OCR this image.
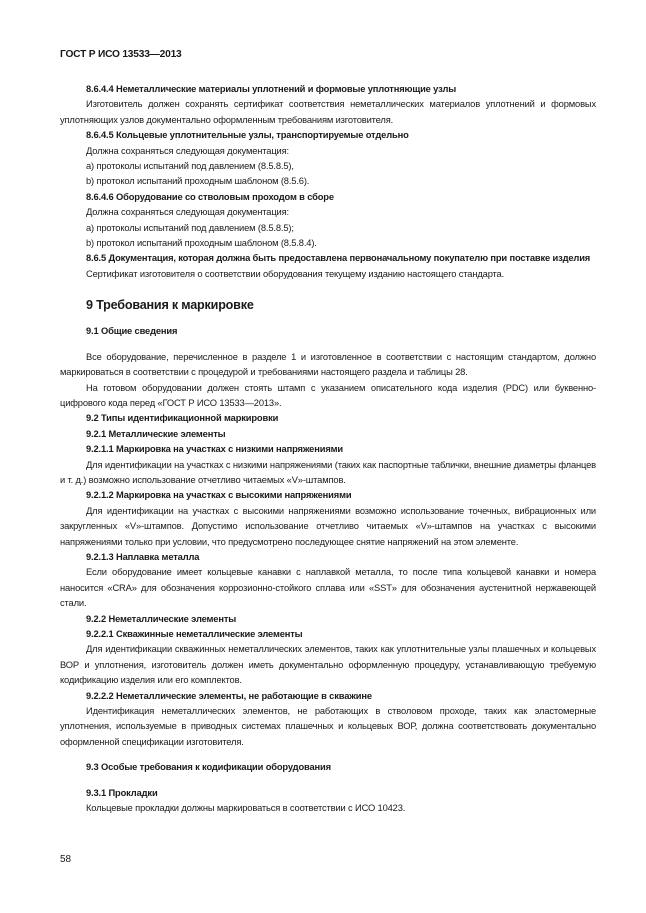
ГОСТ Р ИСО 13533—2013

8.6.4.4 Неметаллические материалы уплотнений и формовые уплотняющие узлы

Изготовитель должен сохранять сертификат соответствия неметаллических материалов уплотнений и формовых уплотняющих узлов документально оформленным требованиям изготовителя.

8.6.4.5 Кольцевые уплотнительные узлы, транспортируемые отдельно

Должна сохраняться следующая документация:

a) протоколы испытаний под давлением (8.5.8.5),

b) протокол испытаний проходным шаблоном (8.5.6).

8.6.4.6 Оборудование со стволовым проходом в сборе

Должна сохраняться следующая документация:

a) протоколы испытаний под давлением (8.5.8.5);

b) протокол испытаний проходным шаблоном (8.5.8.4).

8.6.5 Документация, которая должна быть предоставлена первоначальному покупателю при поставке изделия

Сертификат изготовителя о соответствии оборудования текущему изданию настоящего стандарта.

9 Требования к маркировке

9.1 Общие сведения

Все оборудование, перечисленное в разделе 1 и изготовленное в соответствии с настоящим стандартом, должно маркироваться в соответствии с процедурой и требованиями настоящего раздела и таблицы 28.

На готовом оборудовании должен стоять штамп с указанием описательного кода изделия (PDC) или буквенно-цифрового кода перед «ГОСТ Р ИСО 13533—2013».

9.2 Типы идентификационной маркировки

9.2.1 Металлические элементы

9.2.1.1 Маркировка на участках с низкими напряжениями

Для идентификации на участках с низкими напряжениями (таких как паспортные таблички, внешние диаметры фланцев и т. д.) возможно использование отчетливо читаемых «V»-штампов.

9.2.1.2 Маркировка на участках с высокими напряжениями

Для идентификации на участках с высокими напряжениями возможно использование точечных, вибрационных или закругленных «V»-штампов. Допустимо использование отчетливо читаемых «V»-штампов на участках с высокими напряжениями только при условии, что предусмотрено последующее снятие напряжений на этом элементе.

9.2.1.3 Наплавка металла

Если оборудование имеет кольцевые канавки с наплавкой металла, то после типа кольцевой канавки и номера наносится «CRA» для обозначения коррозионно-стойкого сплава или «SST» для обозначения аустенитной нержавеющей стали.

9.2.2 Неметаллические элементы

9.2.2.1 Скважинные неметаллические элементы

Для идентификации скважинных неметаллических элементов, таких как уплотнительные узлы плашечных и кольцевых ВОР и уплотнения, изготовитель должен иметь документально оформленную процедуру, устанавливающую требуемую кодификацию изделия или его комплектов.

9.2.2.2 Неметаллические элементы, не работающие в скважине

Идентификация неметаллических элементов, не работающих в стволовом проходе, таких как эластомерные уплотнения, используемые в приводных системах плашечных и кольцевых ВОР, должна соответствовать документально оформленной спецификации изготовителя.

9.3 Особые требования к кодификации оборудования

9.3.1 Прокладки

Кольцевые прокладки должны маркироваться в соответствии с ИСО 10423.

58
